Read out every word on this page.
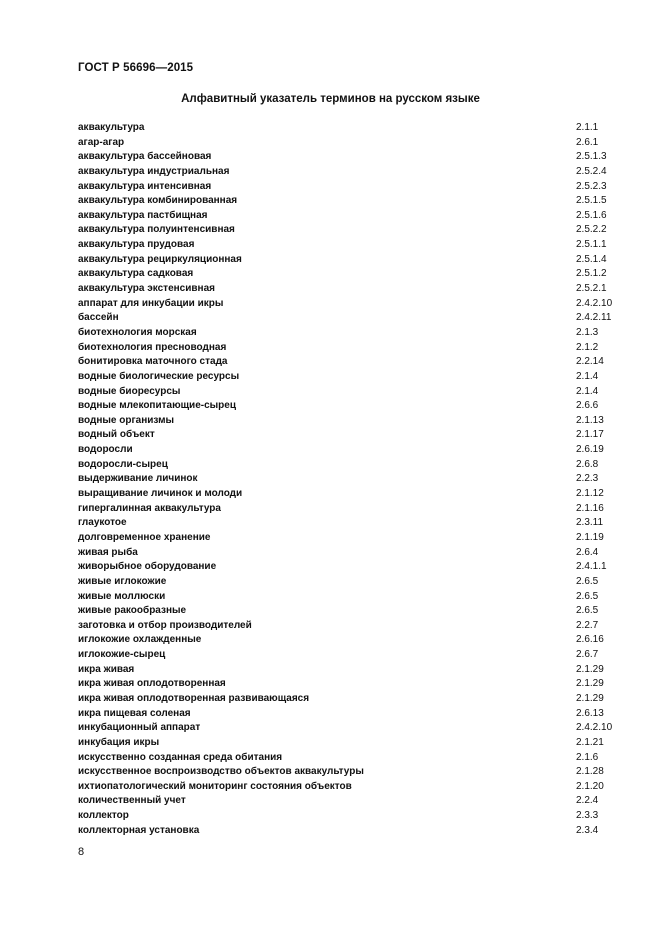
ГОСТ Р 56696—2015
Алфавитный указатель терминов на русском языке
аквакультура	2.1.1
агар-агар	2.6.1
аквакультура бассейновая	2.5.1.3
аквакультура индустриальная	2.5.2.4
аквакультура интенсивная	2.5.2.3
аквакультура комбинированная	2.5.1.5
аквакультура пастбищная	2.5.1.6
аквакультура полуинтенсивная	2.5.2.2
аквакультура прудовая	2.5.1.1
аквакультура рециркуляционная	2.5.1.4
аквакультура садковая	2.5.1.2
аквакультура экстенсивная	2.5.2.1
аппарат для инкубации икры	2.4.2.10
бассейн	2.4.2.11
биотехнология морская	2.1.3
биотехнология пресноводная	2.1.2
бонитировка маточного стада	2.2.14
водные биологические ресурсы	2.1.4
водные биоресурсы	2.1.4
водные млекопитающие-сырец	2.6.6
водные организмы	2.1.13
водный объект	2.1.17
водоросли	2.6.19
водоросли-сырец	2.6.8
выдерживание личинок	2.2.3
выращивание личинок и молоди	2.1.12
гипергалинная аквакультура	2.1.16
глаукотое	2.3.11
долговременное хранение	2.1.19
живая рыба	2.6.4
живорыбное оборудование	2.4.1.1
живые иглокожие	2.6.5
живые моллюски	2.6.5
живые ракообразные	2.6.5
заготовка и отбор производителей	2.2.7
иглокожие охлажденные	2.6.16
иглокожие-сырец	2.6.7
икра живая	2.1.29
икра живая оплодотворенная	2.1.29
икра живая оплодотворенная развивающаяся	2.1.29
икра пищевая соленая	2.6.13
инкубационный аппарат	2.4.2.10
инкубация икры	2.1.21
искусственно созданная среда обитания	2.1.6
искусственное воспроизводство объектов аквакультуры	2.1.28
ихтиопатологический мониторинг состояния объектов	2.1.20
количественный учет	2.2.4
коллектор	2.3.3
коллекторная установка	2.3.4
8
